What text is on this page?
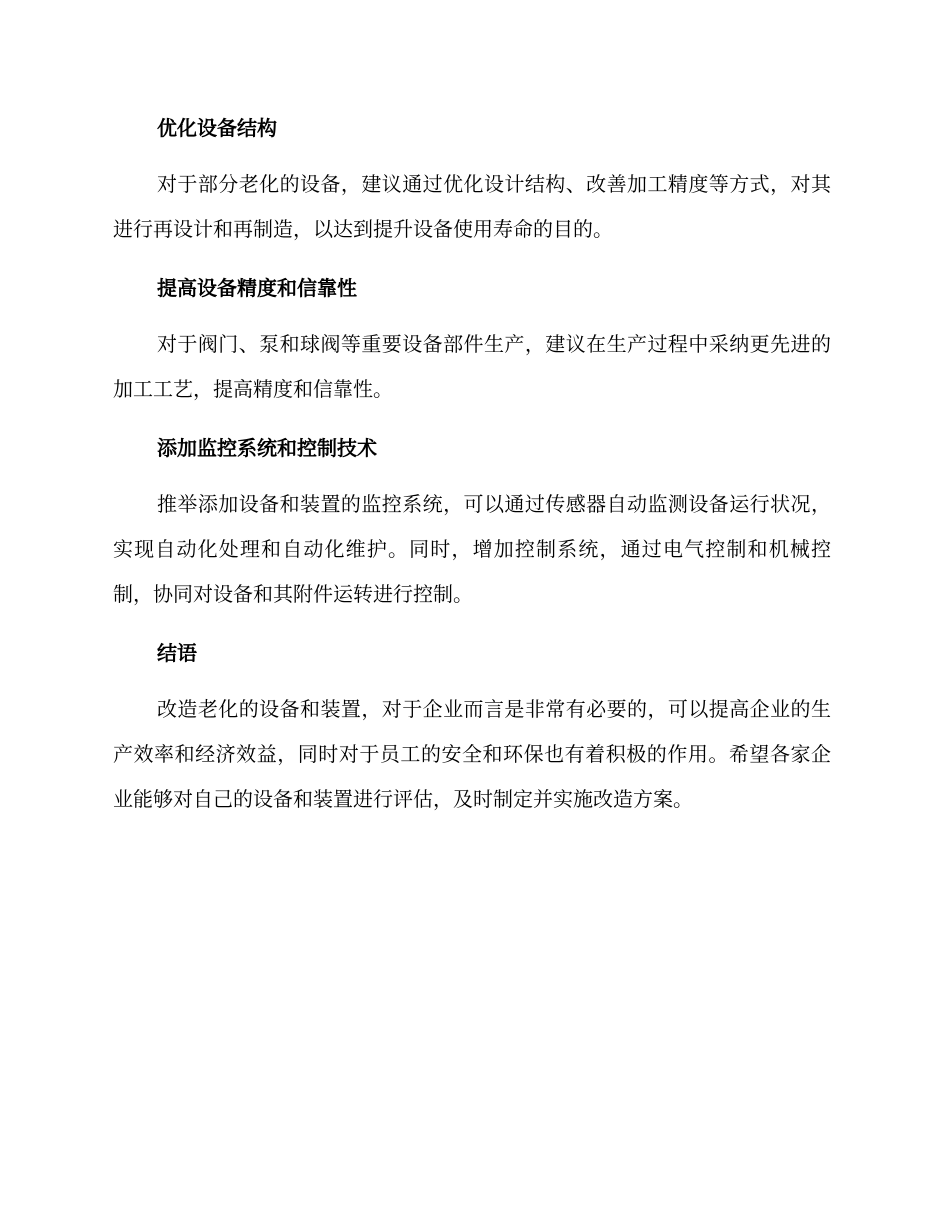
优化设备结构

对于部分老化的设备，建议通过优化设计结构、改善加工精度等方式，对其进行再设计和再制造，以达到提升设备使用寿命的目的。

提高设备精度和信靠性

对于阀门、泵和球阀等重要设备部件生产，建议在生产过程中采纳更先进的加工工艺，提高精度和信靠性。

添加监控系统和控制技术

推举添加设备和装置的监控系统，可以通过传感器自动监测设备运行状况，实现自动化处理和自动化维护。同时，增加控制系统，通过电气控制和机械控制，协同对设备和其附件运转进行控制。

结语

改造老化的设备和装置，对于企业而言是非常有必要的，可以提高企业的生产效率和经济效益，同时对于员工的安全和环保也有着积极的作用。希望各家企业能够对自己的设备和装置进行评估，及时制定并实施改造方案。
